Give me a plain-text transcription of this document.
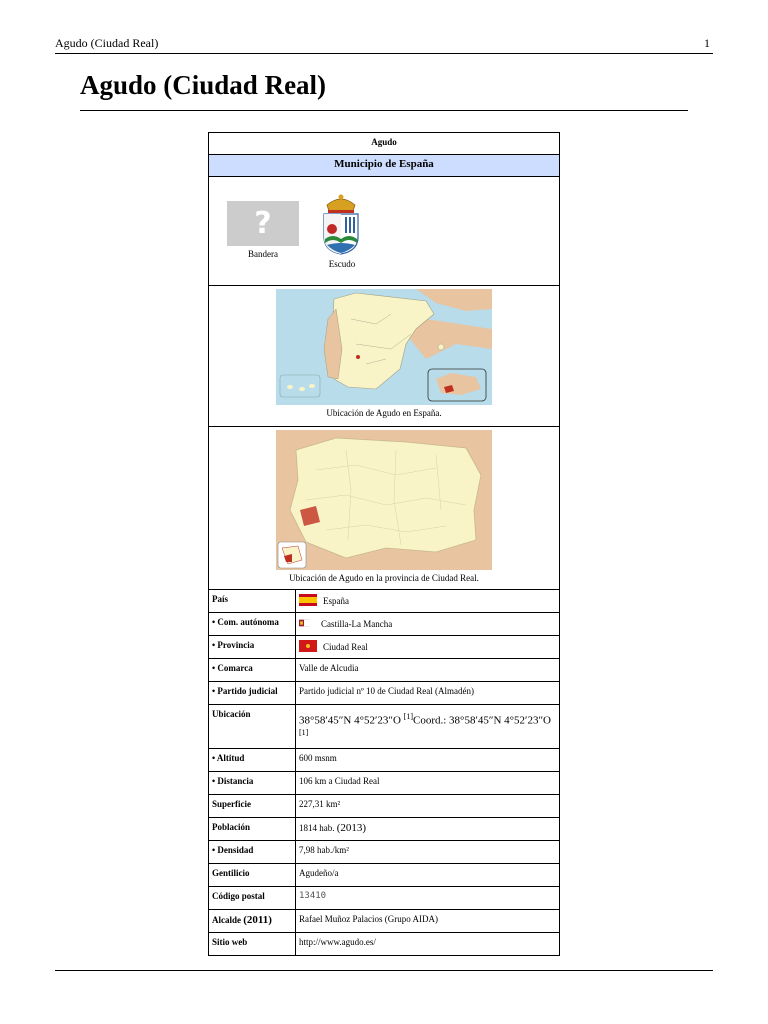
Agudo (Ciudad Real)	1
Agudo (Ciudad Real)
Agudo
Municipio de España
?
Bandera
Escudo
Ubicación de Agudo en España.
Ubicación de Agudo en la provincia de Ciudad Real.
País	España
• Com. autónoma	Castilla-La Mancha
• Provincia	Ciudad Real
• Comarca	Valle de Alcudia
• Partido judicial	Partido judicial nº 10 de Ciudad Real (Almadén)
Ubicación	38°58′45″N 4°52′23″O [1]Coord.: 38°58′45″N 4°52′23″O [1]
• Altitud	600 msnm
• Distancia	106 km a Ciudad Real
Superficie	227,31 km²
Población	1814 hab. (2013)
• Densidad	7,98 hab./km²
Gentilicio	Agudeño/a
Código postal	13410
Alcalde (2011)	Rafael Muñoz Palacios (Grupo AIDA)
Sitio web	http://www.agudo.es/
